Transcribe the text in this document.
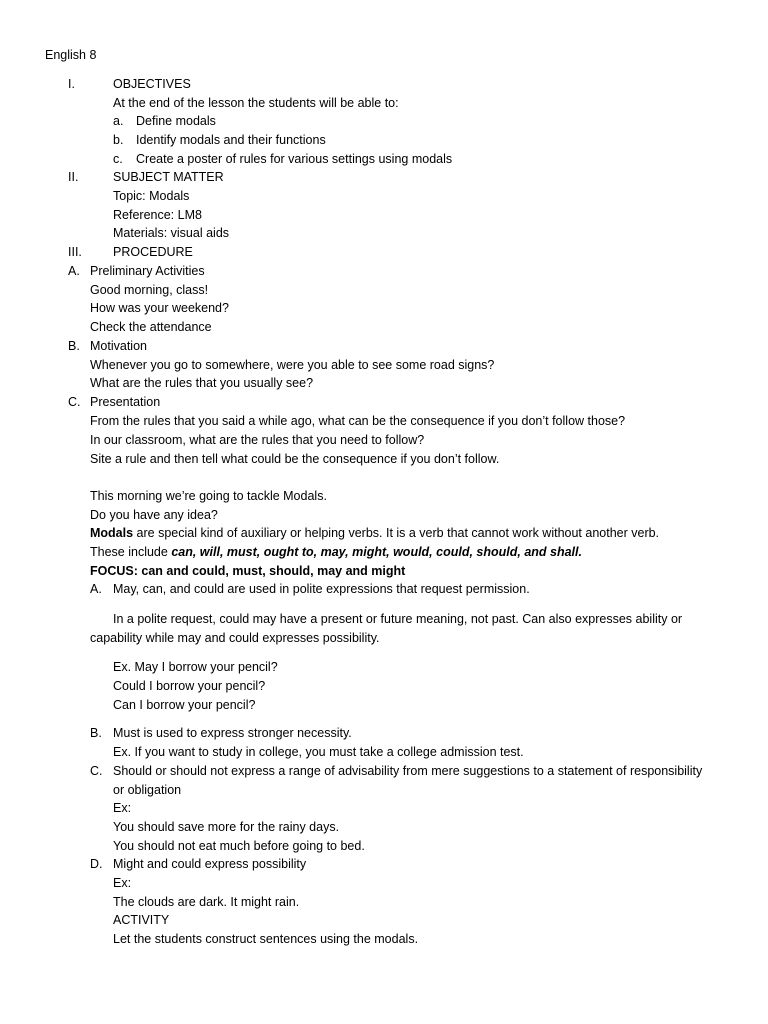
English 8
I.	OBJECTIVES
At the end of the lesson the students will be able to:
a. Define modals
b. Identify modals and their functions
c. Create a poster of rules for various settings using modals
II.	SUBJECT MATTER
Topic: Modals
Reference: LM8
Materials: visual aids
III. PROCEDURE
A. Preliminary Activities
Good morning, class!
How was your weekend?
Check the attendance
B. Motivation
Whenever you go to somewhere, were you able to see some road signs?
What are the rules that you usually see?
C. Presentation
From the rules that you said a while ago, what can be the consequence if you don’t follow those?
In our classroom, what are the rules that you need to follow?
Site a rule and then tell what could be the consequence if you don’t follow.
This morning we’re going to tackle Modals.
Do you have any idea?
Modals are special kind of auxiliary or helping verbs. It is a verb that cannot work without another verb.
These include can, will, must, ought to, may, might, would, could, should, and shall.
FOCUS: can and could, must, should, may and might
A. May, can, and could are used in polite expressions that request permission.
In a polite request, could may have a present or future meaning, not past. Can also expresses ability or capability while may and could expresses possibility.
Ex. May I borrow your pencil?
Could I borrow your pencil?
Can I borrow your pencil?
B. Must is used to express stronger necessity.
Ex. If you want to study in college, you must take a college admission test.
C. Should or should not express a range of advisability from mere suggestions to a statement of responsibility
or obligation
Ex:
You should save more for the rainy days.
You should not eat much before going to bed.
D. Might and could express possibility
Ex:
The clouds are dark. It might rain.
ACTIVITY
Let the students construct sentences using the modals.
